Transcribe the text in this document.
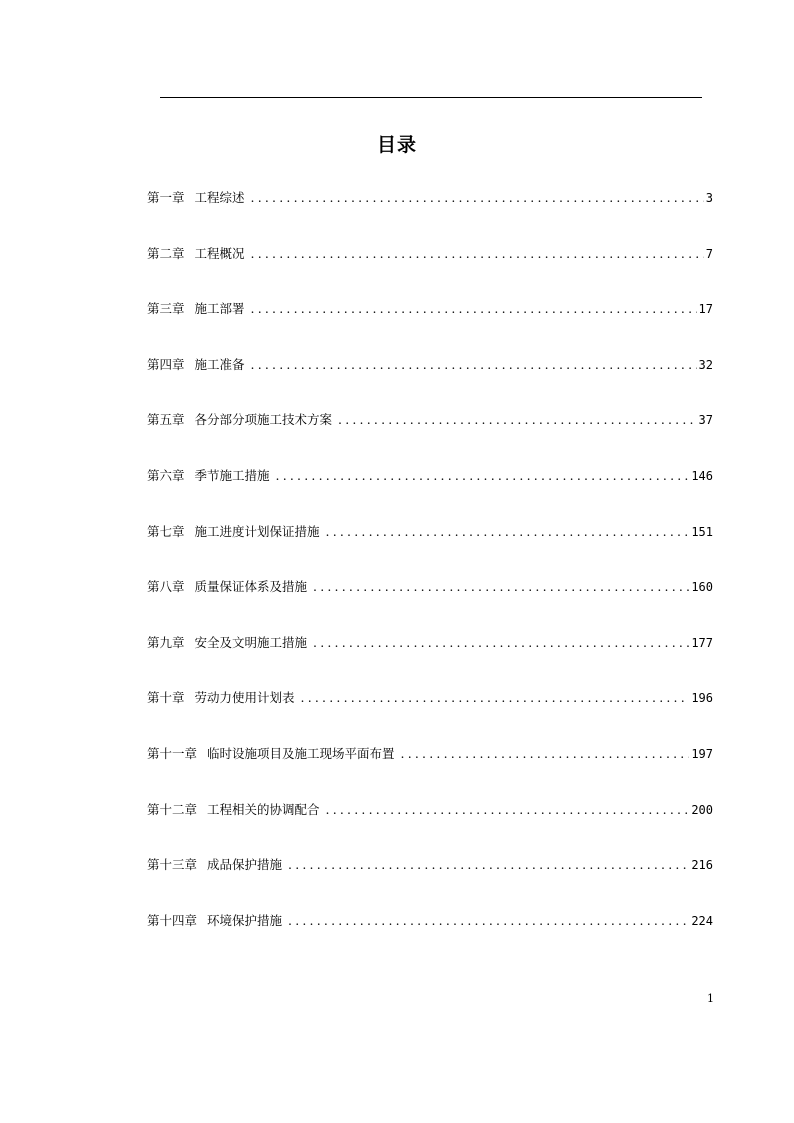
目录
第一章 工程综述 .....	3
第二章 工程概况 .....	7
第三章 施工部署 .....	17
第四章 施工准备 .....	32
第五章 各分部分项施工技术方案 .....	37
第六章 季节施工措施 .....	146
第七章 施工进度计划保证措施 .....	151
第八章 质量保证体系及措施 .....	160
第九章 安全及文明施工措施 .....	177
第十章 劳动力使用计划表 .....	196
第十一章 临时设施项目及施工现场平面布置 .....	197
第十二章 工程相关的协调配合 .....	200
第十三章 成品保护措施 .....	216
第十四章 环境保护措施 .....	224
1
